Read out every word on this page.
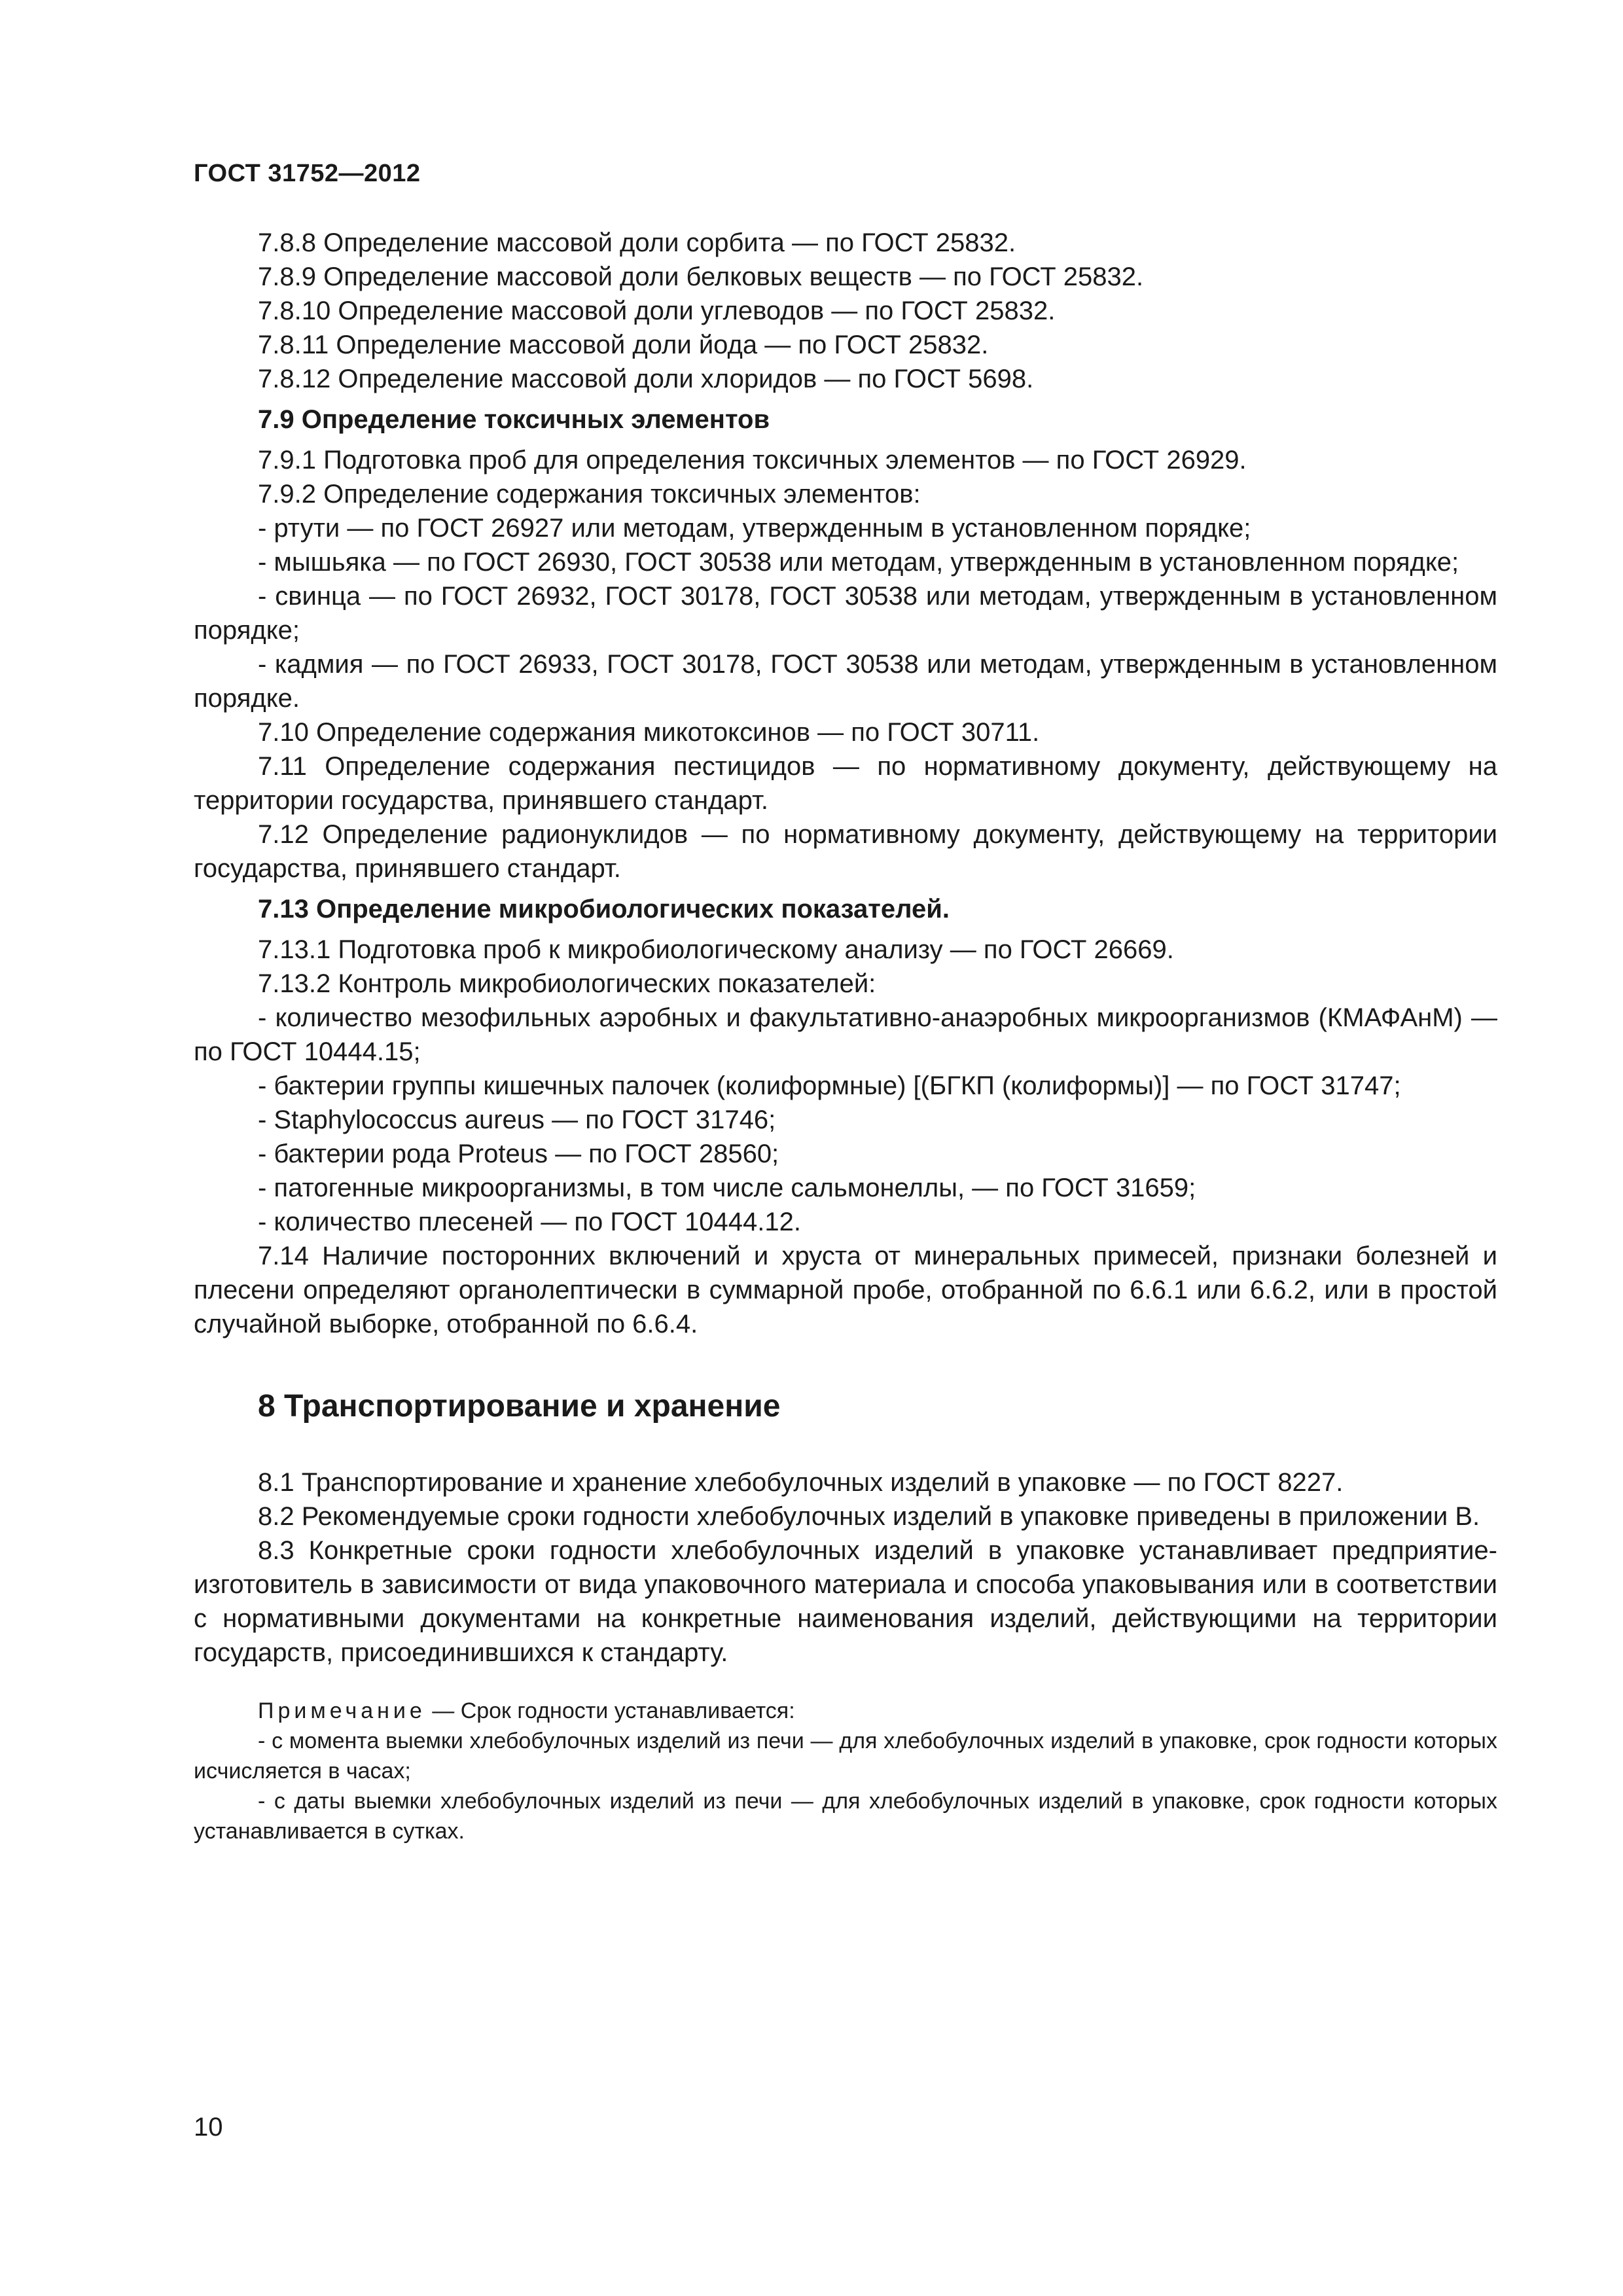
ГОСТ 31752—2012

7.8.8 Определение массовой доли сорбита — по ГОСТ 25832.

7.8.9 Определение массовой доли белковых веществ — по ГОСТ 25832.

7.8.10 Определение массовой доли углеводов — по ГОСТ 25832.

7.8.11 Определение массовой доли йода — по ГОСТ 25832.

7.8.12 Определение массовой доли хлоридов — по ГОСТ 5698.

7.9 Определение токсичных элементов

7.9.1 Подготовка проб для определения токсичных элементов — по ГОСТ 26929.

7.9.2 Определение содержания токсичных элементов:

- ртути — по ГОСТ 26927 или методам, утвержденным в установленном порядке;

- мышьяка — по ГОСТ 26930, ГОСТ 30538 или методам, утвержденным в установленном порядке;

- свинца — по ГОСТ 26932, ГОСТ 30178, ГОСТ 30538 или методам, утвержденным в установленном порядке;

- кадмия — по ГОСТ 26933, ГОСТ 30178, ГОСТ 30538 или методам, утвержденным в установленном порядке.

7.10 Определение содержания микотоксинов — по ГОСТ 30711.

7.11 Определение содержания пестицидов — по нормативному документу, действующему на территории государства, принявшего стандарт.

7.12 Определение радионуклидов — по нормативному документу, действующему на территории государства, принявшего стандарт.

7.13 Определение микробиологических показателей.

7.13.1 Подготовка проб к микробиологическому анализу — по ГОСТ 26669.

7.13.2 Контроль микробиологических показателей:

- количество мезофильных аэробных и факультативно-анаэробных микроорганизмов (КМАФАнМ) — по ГОСТ 10444.15;

- бактерии группы кишечных палочек (колиформные) [(БГКП (колиформы)] — по ГОСТ 31747;

- Staphylococcus aureus — по ГОСТ 31746;

- бактерии рода Proteus — по ГОСТ 28560;

- патогенные микроорганизмы, в том числе сальмонеллы, — по ГОСТ 31659;

- количество плесеней — по ГОСТ 10444.12.

7.14 Наличие посторонних включений и хруста от минеральных примесей, признаки болезней и плесени определяют органолептически в суммарной пробе, отобранной по 6.6.1 или 6.6.2, или в простой случайной выборке, отобранной по 6.6.4.

8 Транспортирование и хранение

8.1 Транспортирование и хранение хлебобулочных изделий в упаковке — по ГОСТ 8227.

8.2 Рекомендуемые сроки годности хлебобулочных изделий в упаковке приведены в приложении В.

8.3 Конкретные сроки годности хлебобулочных изделий в упаковке устанавливает предприятие-изготовитель в зависимости от вида упаковочного материала и способа упаковывания или в соответствии с нормативными документами на конкретные наименования изделий, действующими на территории государств, присоединившихся к стандарту.

Примечание — Срок годности устанавливается:

- с момента выемки хлебобулочных изделий из печи — для хлебобулочных изделий в упаковке, срок годности которых исчисляется в часах;

- с даты выемки хлебобулочных изделий из печи — для хлебобулочных изделий в упаковке, срок годности которых устанавливается в сутках.

10
